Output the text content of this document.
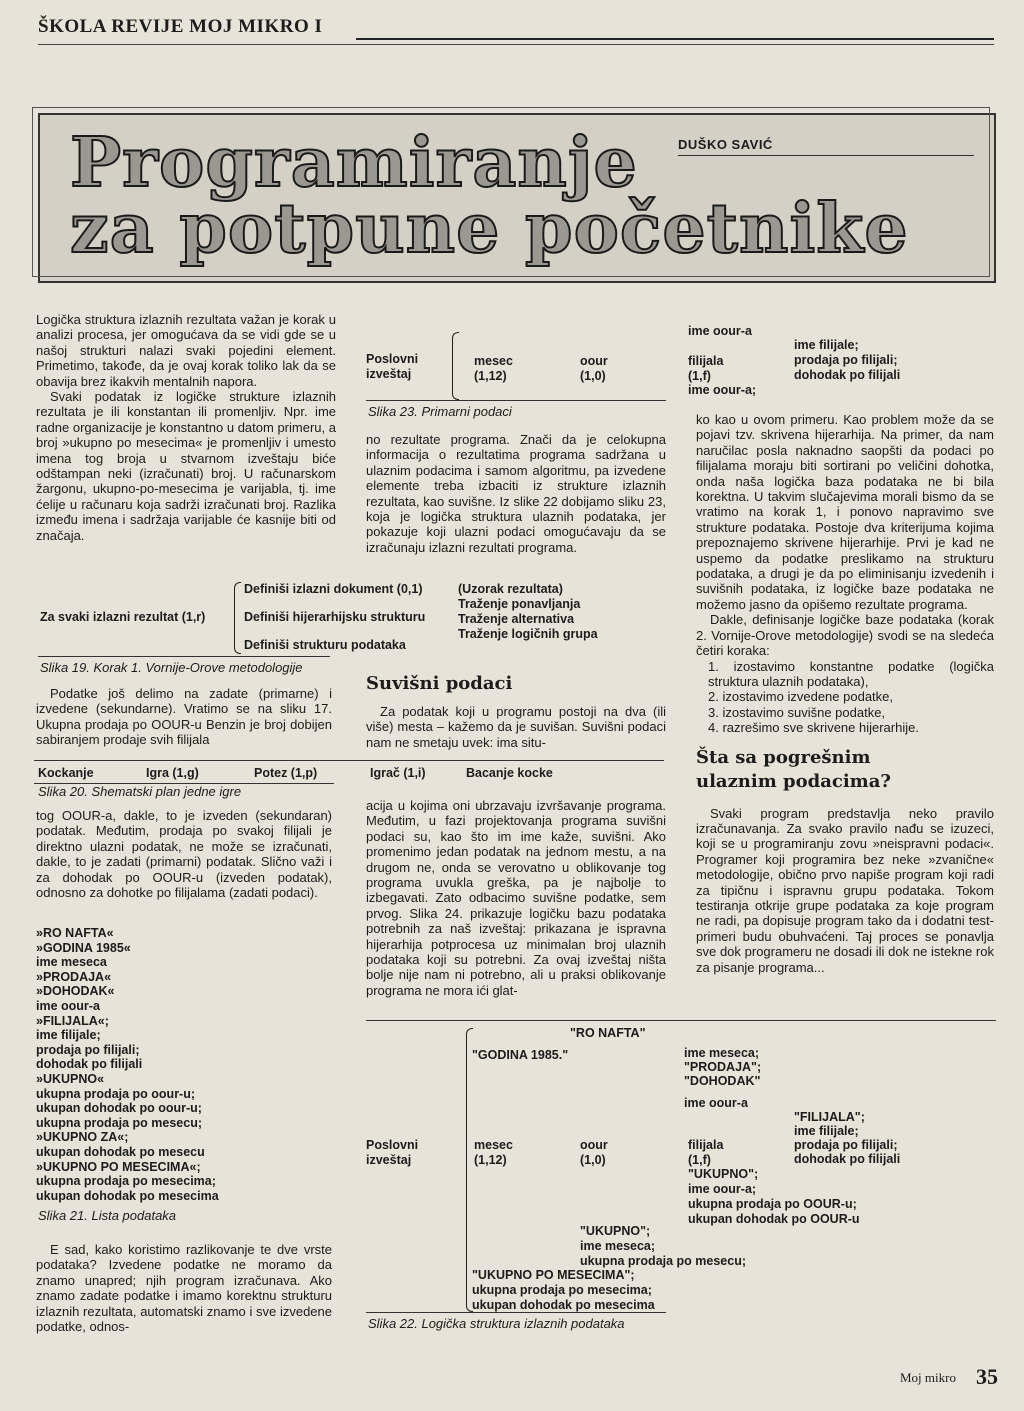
ŠKOLA REVIJE MOJ MIKRO I
Programiranje
za potpune početnike
DUŠKO SAVIĆ

Logička struktura izlaznih rezultata važan je korak u analizi procesa, jer omogućava da se vidi gde se u našoj strukturi nalazi svaki pojedini element. Primetimo, takođe, da je ovaj korak toliko lak da se obavija brez ikakvih mentalnih napora.

Svaki podatak iz logičke strukture izlaznih rezultata je ili konstantan ili promenljiv. Npr. ime radne organizacije je konstantno u datom primeru, a broj »ukupno po mesecima« je promenljiv i umesto imena tog broja u stvarnom izveštaju biće odštampan neki (izračunati) broj. U računarskom žargonu, ukupno-po-mesecima je varijabla, tj. ime ćelije u računaru koja sadrži izračunati broj. Razlika između imena i sadržaja varijable će kasnije biti od značaja.

Poslovni izveštaj
mesec
(1,12)
oour
(1,0)
ime oour-a
filijala
(1,f)
ime oour-a;
ime filijale;
prodaja po filijali;
dohodak po filijali
Slika 23. Primarni podaci

no rezultate programa. Znači da je celokupna informacija o rezultatima programa sadržana u ulaznim podacima i samom algoritmu, pa izvedene elemente treba izbaciti iz strukture izlaznih rezultata, kao suvišne. Iz slike 22 dobijamo sliku 23, koja je logička struktura ulaznih podataka, jer pokazuje koji ulazni podaci omogućavaju da se izračunaju izlazni rezultati programa.

ko kao u ovom primeru. Kao problem može da se pojavi tzv. skrivena hijerarhija. Na primer, da nam naručilac posla naknadno saopšti da podaci po filijalama moraju biti sortirani po veličini dohotka, onda naša logička baza podataka ne bi bila korektna. U takvim slučajevima morali bismo da se vratimo na korak 1, i ponovo napravimo sve strukture podataka. Postoje dva kriterijuma kojima prepoznajemo skrivene hijerarhije. Prvi je kad ne uspemo da podatke preslikamo na strukturu podataka, a drugi je da po eliminisanju izvedenih i suvišnih podataka, iz logičke baze podataka ne možemo jasno da opišemo rezultate programa.

Dakle, definisanje logičke baze podataka (korak 2. Vornije-Orove metodologije) svodi se na sledeća četiri koraka:

1. izostavimo konstantne podatke (logička struktura ulaznih podataka),
2. izostavimo izvedene podatke,
3. izostavimo suvišne podatke,
4. razrešimo sve skrivene hijerarhije.
Šta sa pogrešnim ulaznim podacima?

Svaki program predstavlja neko pravilo izračunavanja. Za svako pravilo nađu se izuzeci, koji se u programiranju zovu »neispravni podaci«. Programer koji programira bez neke »zvanične« metodologije, obično prvo napiše program koji radi za tipičnu i ispravnu grupu podataka. Tokom testiranja otkrije grupe podataka za koje program ne radi, pa dopisuje program tako da i dodatni test-primeri budu obuhvaćeni. Taj proces se ponavlja sve dok programeru ne dosadi ili dok ne istekne rok za pisanje programa...

Za svaki izlazni rezultat (1,r)
Definiši izlazni dokument (0,1)
Definiši hijerarhijsku strukturu
Definiši strukturu podataka
(Uzorak rezultata)
Traženje ponavljanja
Traženje alternativa
Traženje logičnih grupa
Slika 19. Korak 1. Vornije-Orove metodologije

Podatke još delimo na zadate (primarne) i izvedene (sekundarne). Vratimo se na sliku 17. Ukupna prodaja po OOUR-u Benzin je broj dobijen sabiranjem prodaje svih filijala

Suvišni podaci

Za podatak koji u programu postoji na dva (ili više) mesta – kažemo da je suvišan. Suvišni podaci nam ne smetaju uvek: ima situ-

Kockanje	Igra (1,g)	Potez (1,p)	Igrač (1,i)	Bacanje kocke
Slika 20. Shematski plan jedne igre

tog OOUR-a, dakle, to je izveden (sekundaran) podatak. Međutim, prodaja po svakoj filijali je direktno ulazni podatak, ne može se izračunati, dakle, to je zadati (primarni) podatak. Slično važi i za dohodak po OOUR-u (izveden podatak), odnosno za dohotke po filijalama (zadati podaci).

»RO NAFTA«
»GODINA 1985«
ime meseca
»PRODAJA«
»DOHODAK«
ime oour-a
»FILIJALA«;
ime filijale;
prodaja po filijali;
dohodak po filijali
»UKUPNO«
ukupna prodaja po oour-u;
ukupan dohodak po oour-u;
ukupna prodaja po mesecu;
»UKUPNO ZA«;
ukupan dohodak po mesecu
»UKUPNO PO MESECIMA«;
ukupna prodaja po mesecima;
ukupan dohodak po mesecima
Slika 21. Lista podataka

E sad, kako koristimo razlikovanje te dve vrste podataka? Izvedene podatke ne moramo da znamo unapred; njih program izračunava. Ako znamo zadate podatke i imamo korektnu strukturu izlaznih rezultata, automatski znamo i sve izvedene podatke, odnos-

acija u kojima oni ubrzavaju izvršavanje programa. Međutim, u fazi projektovanja programa suvišni podaci su, kao što im ime kaže, suvišni. Ako promenimo jedan podatak na jednom mestu, a na drugom ne, onda se verovatno u oblikovanje tog programa uvukla greška, pa je najbolje to izbegavati. Zato odbacimo suvišne podatke, sem prvog. Slika 24. prikazuje logičku bazu podataka potrebnih za naš izveštaj: prikazana je ispravna hijerarhija potprocesa uz minimalan broj ulaznih podataka koji su potrebni. Za ovaj izveštaj ništa bolje nije nam ni potrebno, ali u praksi oblikovanje programa ne mora ići glat-

"RO NAFTA"
"GODINA 1985."	ime meseca;
"PRODAJA";
"DOHODAK"
ime oour-a
"FILIJALA";
ime filijale;
prodaja po filijali;
dohodak po filijali
Poslovni izveštaj
mesec
(1,12)
oour
(1,0)
filijala
(1,f)
"UKUPNO";
ime oour-a;
ukupna prodaja po OOUR-u;
ukupan dohodak po OOUR-u
"UKUPNO";
ime meseca;
ukupna prodaja po mesecu;
"UKUPNO PO MESECIMA";
ukupna prodaja po mesecima;
ukupan dohodak po mesecima
Slika 22. Logička struktura izlaznih podataka
Moj mikro 35
